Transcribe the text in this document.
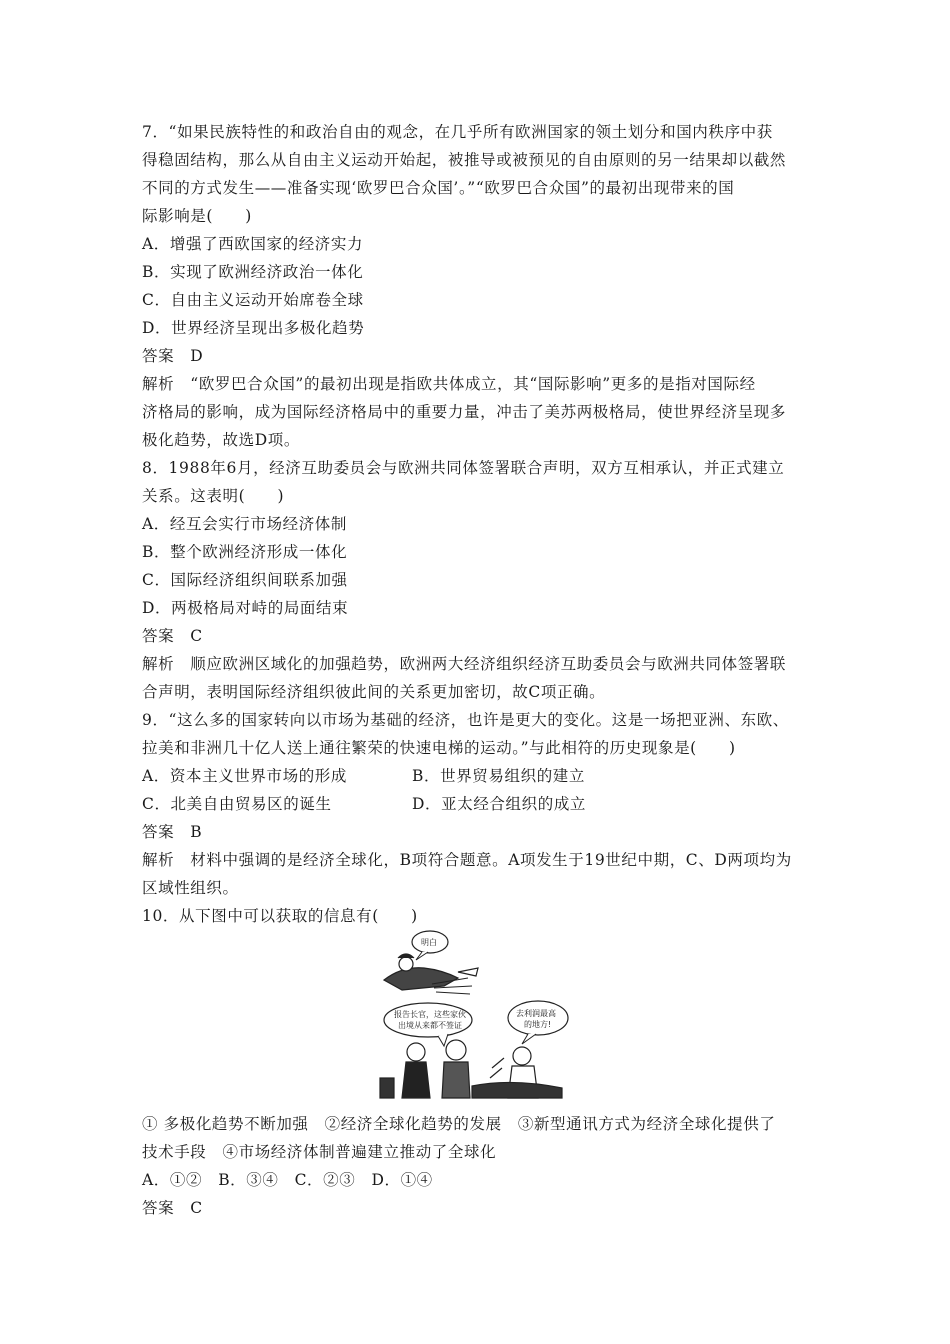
7．“如果民族特性的和政治自由的观念，在几乎所有欧洲国家的领土划分和国内秩序中获
得稳固结构，那么从自由主义运动开始起，被推导或被预见的自由原则的另一结果却以截然
不同的方式发生——准备实现‘欧罗巴合众国’。”“欧罗巴合众国”的最初出现带来的国
际影响是(　　)
A．增强了西欧国家的经济实力
B．实现了欧洲经济政治一体化
C．自由主义运动开始席卷全球
D．世界经济呈现出多极化趋势
答案　D
解析　“欧罗巴合众国”的最初出现是指欧共体成立，其“国际影响”更多的是指对国际经
济格局的影响，成为国际经济格局中的重要力量，冲击了美苏两极格局，使世界经济呈现多
极化趋势，故选D项。
8．1988年6月，经济互助委员会与欧洲共同体签署联合声明，双方互相承认，并正式建立
关系。这表明(　　)
A．经互会实行市场经济体制
B．整个欧洲经济形成一体化
C．国际经济组织间联系加强
D．两极格局对峙的局面结束
答案　C
解析　顺应欧洲区域化的加强趋势，欧洲两大经济组织经济互助委员会与欧洲共同体签署联
合声明，表明国际经济组织彼此间的关系更加密切，故C项正确。
9．“这么多的国家转向以市场为基础的经济，也许是更大的变化。这是一场把亚洲、东欧、
拉美和非洲几十亿人送上通往繁荣的快速电梯的运动。”与此相符的历史现象是(　　)
A．资本主义世界市场的形成	B．世界贸易组织的建立
C．北美自由贸易区的诞生	D．亚太经合组织的成立
答案　B
解析　材料中强调的是经济全球化，B项符合题意。A项发生于19世纪中期，C、D两项均为
区域性组织。
10．从下图中可以获取的信息有(　　)
明白
报告长官，这些家伙
出境从来都不签证
去利润最高
的地方!
① 多极化趋势不断加强　②经济全球化趋势的发展　③新型通讯方式为经济全球化提供了
技术手段　④市场经济体制普遍建立推动了全球化
A．①②　B．③④　C．②③　D．①④
答案　C
